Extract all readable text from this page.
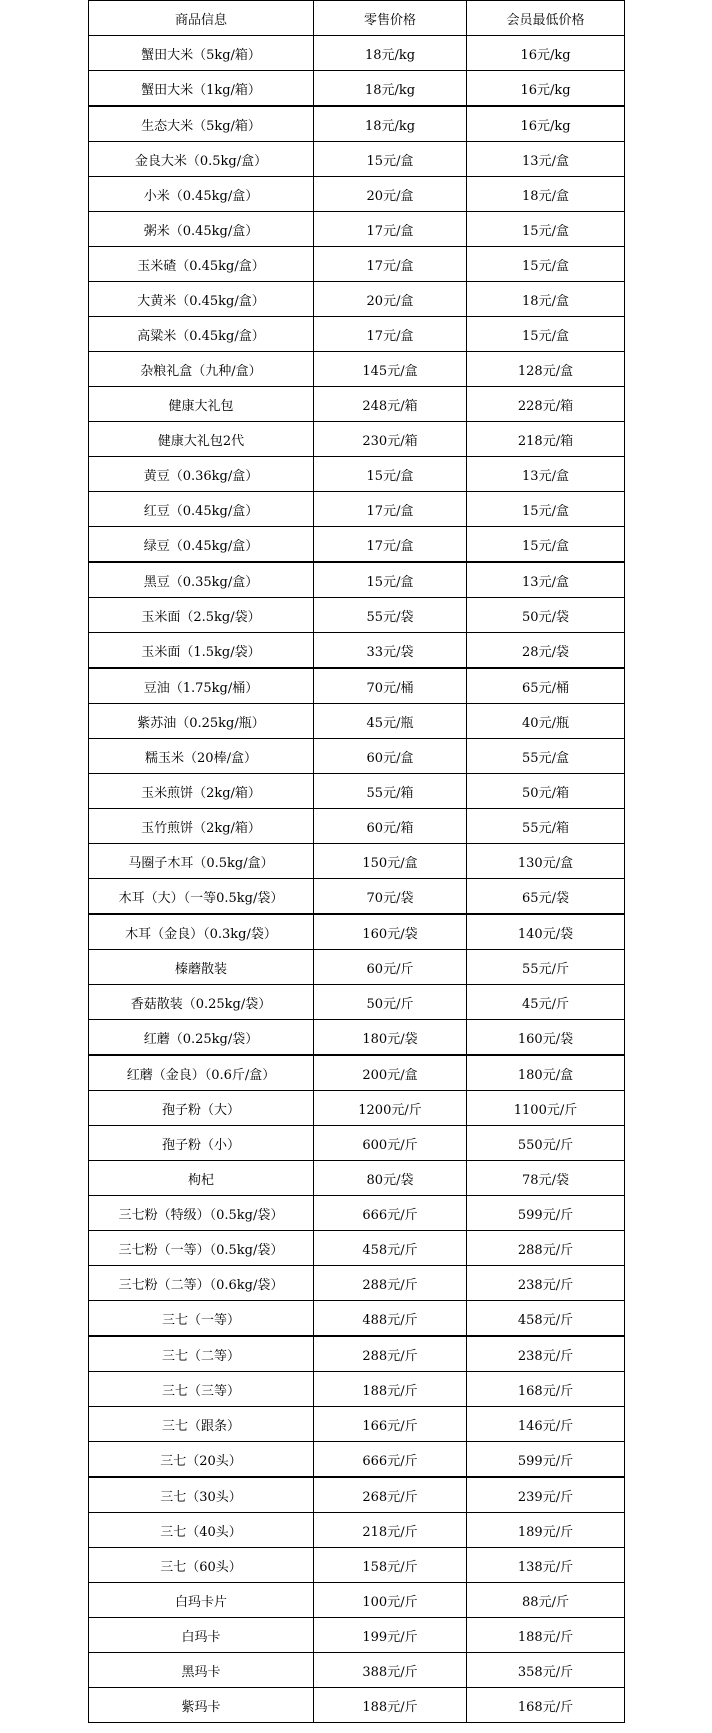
商品信息	零售价格	会员最低价格
蟹田大米（5kg/箱）	18元/kg	16元/kg
蟹田大米（1kg/箱）	18元/kg	16元/kg
生态大米（5kg/箱）	18元/kg	16元/kg
金良大米（0.5kg/盒）	15元/盒	13元/盒
小米（0.45kg/盒）	20元/盒	18元/盒
粥米（0.45kg/盒）	17元/盒	15元/盒
玉米碴（0.45kg/盒）	17元/盒	15元/盒
大黄米（0.45kg/盒）	20元/盒	18元/盒
高粱米（0.45kg/盒）	17元/盒	15元/盒
杂粮礼盒（九种/盒）	145元/盒	128元/盒
健康大礼包	248元/箱	228元/箱
健康大礼包2代	230元/箱	218元/箱
黄豆（0.36kg/盒）	15元/盒	13元/盒
红豆（0.45kg/盒）	17元/盒	15元/盒
绿豆（0.45kg/盒）	17元/盒	15元/盒
黑豆（0.35kg/盒）	15元/盒	13元/盒
玉米面（2.5kg/袋）	55元/袋	50元/袋
玉米面（1.5kg/袋）	33元/袋	28元/袋
豆油（1.75kg/桶）	70元/桶	65元/桶
紫苏油（0.25kg/瓶）	45元/瓶	40元/瓶
糯玉米（20棒/盒）	60元/盒	55元/盒
玉米煎饼（2kg/箱）	55元/箱	50元/箱
玉竹煎饼（2kg/箱）	60元/箱	55元/箱
马圈子木耳（0.5kg/盒）	150元/盒	130元/盒
木耳（大）（一等0.5kg/袋）	70元/袋	65元/袋
木耳（金良）（0.3kg/袋）	160元/袋	140元/袋
榛蘑散装	60元/斤	55元/斤
香菇散装（0.25kg/袋）	50元/斤	45元/斤
红蘑（0.25kg/袋）	180元/袋	160元/袋
红蘑（金良）（0.6斤/盒）	200元/盒	180元/盒
孢子粉（大）	1200元/斤	1100元/斤
孢子粉（小）	600元/斤	550元/斤
枸杞	80元/袋	78元/袋
三七粉（特级）（0.5kg/袋）	666元/斤	599元/斤
三七粉（一等）（0.5kg/袋）	458元/斤	288元/斤
三七粉（二等）（0.6kg/袋）	288元/斤	238元/斤
三七（一等）	488元/斤	458元/斤
三七（二等）	288元/斤	238元/斤
三七（三等）	188元/斤	168元/斤
三七（跟条）	166元/斤	146元/斤
三七（20头）	666元/斤	599元/斤
三七（30头）	268元/斤	239元/斤
三七（40头）	218元/斤	189元/斤
三七（60头）	158元/斤	138元/斤
白玛卡片	100元/斤	88元/斤
白玛卡	199元/斤	188元/斤
黑玛卡	388元/斤	358元/斤
紫玛卡	188元/斤	168元/斤
